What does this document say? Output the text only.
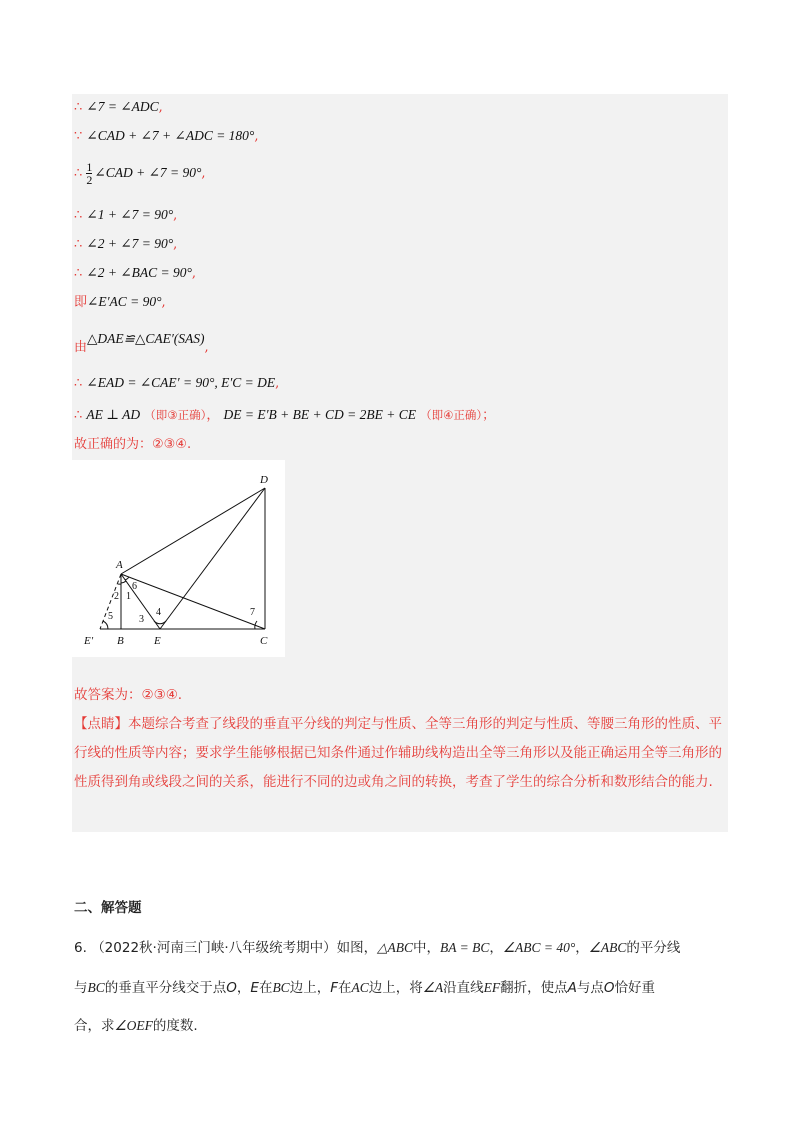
∴ ∠7 = ∠ADC,
∵ ∠CAD + ∠7 + ∠ADC = 180°,
∴ $\frac{1}{2}$ ∠CAD + ∠7 = 90°,
∴ ∠1 + ∠7 = 90°,
∴ ∠2 + ∠7 = 90°,
∴ ∠2 + ∠BAC = 90°,
即∠E′AC = 90°,
由△DAE≌△CAE′(SAS),
∴ ∠EAD = ∠CAE′ = 90°, E′C = DE,
∴ AE ⊥ AD （即③正确）， DE = E′B + BE + CD = 2BE + CE （即④正确）；
故正确的为：②③④.
D
A
E′ B	E	C
6
2 1
5	3
4	7
故答案为：②③④.
【点睛】本题综合考查了线段的垂直平分线的判定与性质、全等三角形的判定与性质、等腰三角形的性质、平行线的性质等内容；要求学生能够根据已知条件通过作辅助线构造出全等三角形以及能正确运用全等三角形的性质得到角或线段之间的关系，能进行不同的边或角之间的转换，考查了学生的综合分析和数形结合的能力.
二、解答题
6. （2022秋·河南三门峡·八年级统考期中）如图，△ABC中，BA = BC，∠ABC = 40°，∠ABC的平分线
与BC的垂直平分线交于点O，E在BC边上，F在AC边上，将∠A沿直线EF翻折，使点A与点O恰好重
合，求∠OEF的度数.
